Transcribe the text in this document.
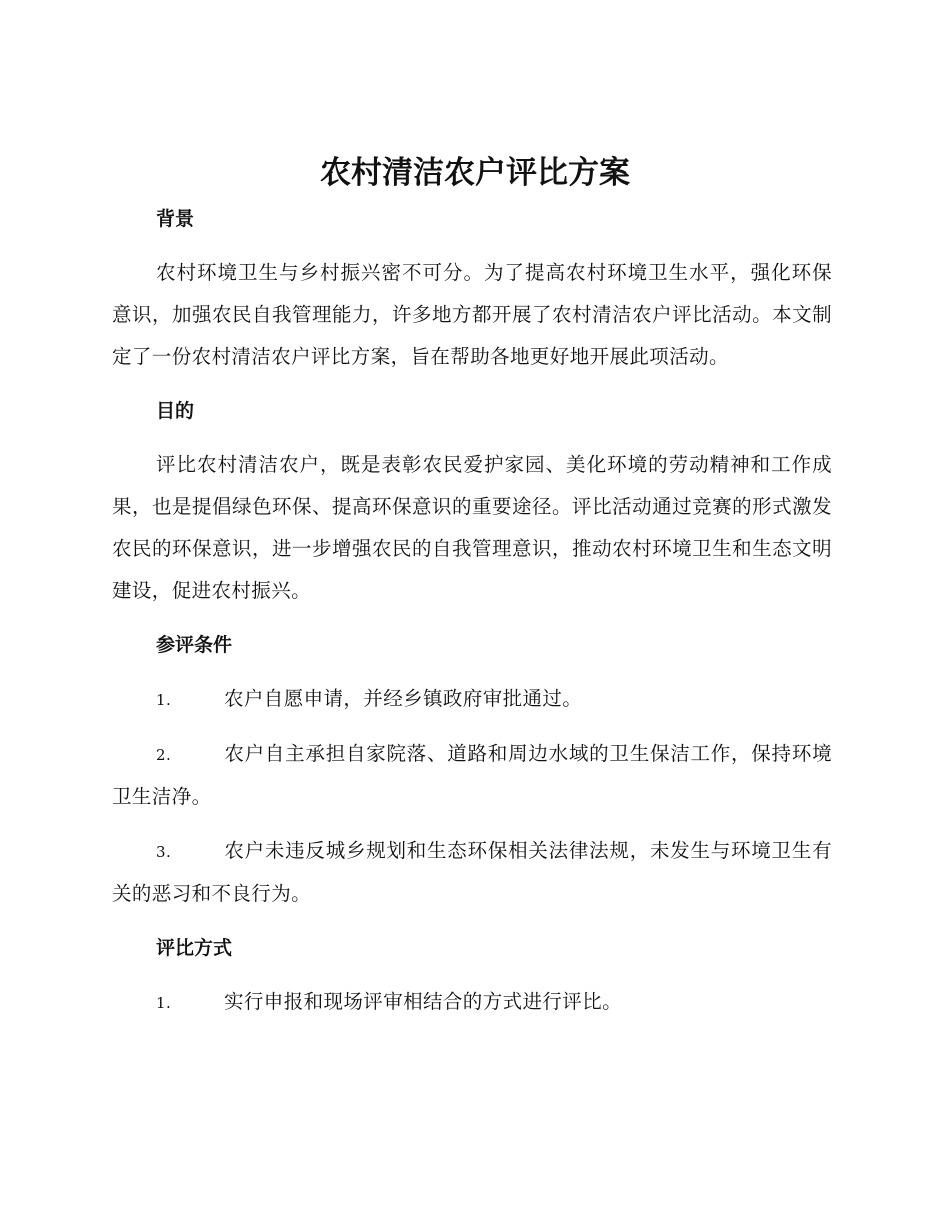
农村清洁农户评比方案
背景

农村环境卫生与乡村振兴密不可分。为了提高农村环境卫生水平，强化环保意识，加强农民自我管理能力，许多地方都开展了农村清洁农户评比活动。本文制定了一份农村清洁农户评比方案，旨在帮助各地更好地开展此项活动。

目的

评比农村清洁农户，既是表彰农民爱护家园、美化环境的劳动精神和工作成果，也是提倡绿色环保、提高环保意识的重要途径。评比活动通过竞赛的形式激发农民的环保意识，进一步增强农民的自我管理意识，推动农村环境卫生和生态文明建设，促进农村振兴。

参评条件

1.	农户自愿申请，并经乡镇政府审批通过。

2.	农户自主承担自家院落、道路和周边水域的卫生保洁工作，保持环境卫生洁净。

3.	农户未违反城乡规划和生态环保相关法律法规，未发生与环境卫生有关的恶习和不良行为。

评比方式

1.	实行申报和现场评审相结合的方式进行评比。
